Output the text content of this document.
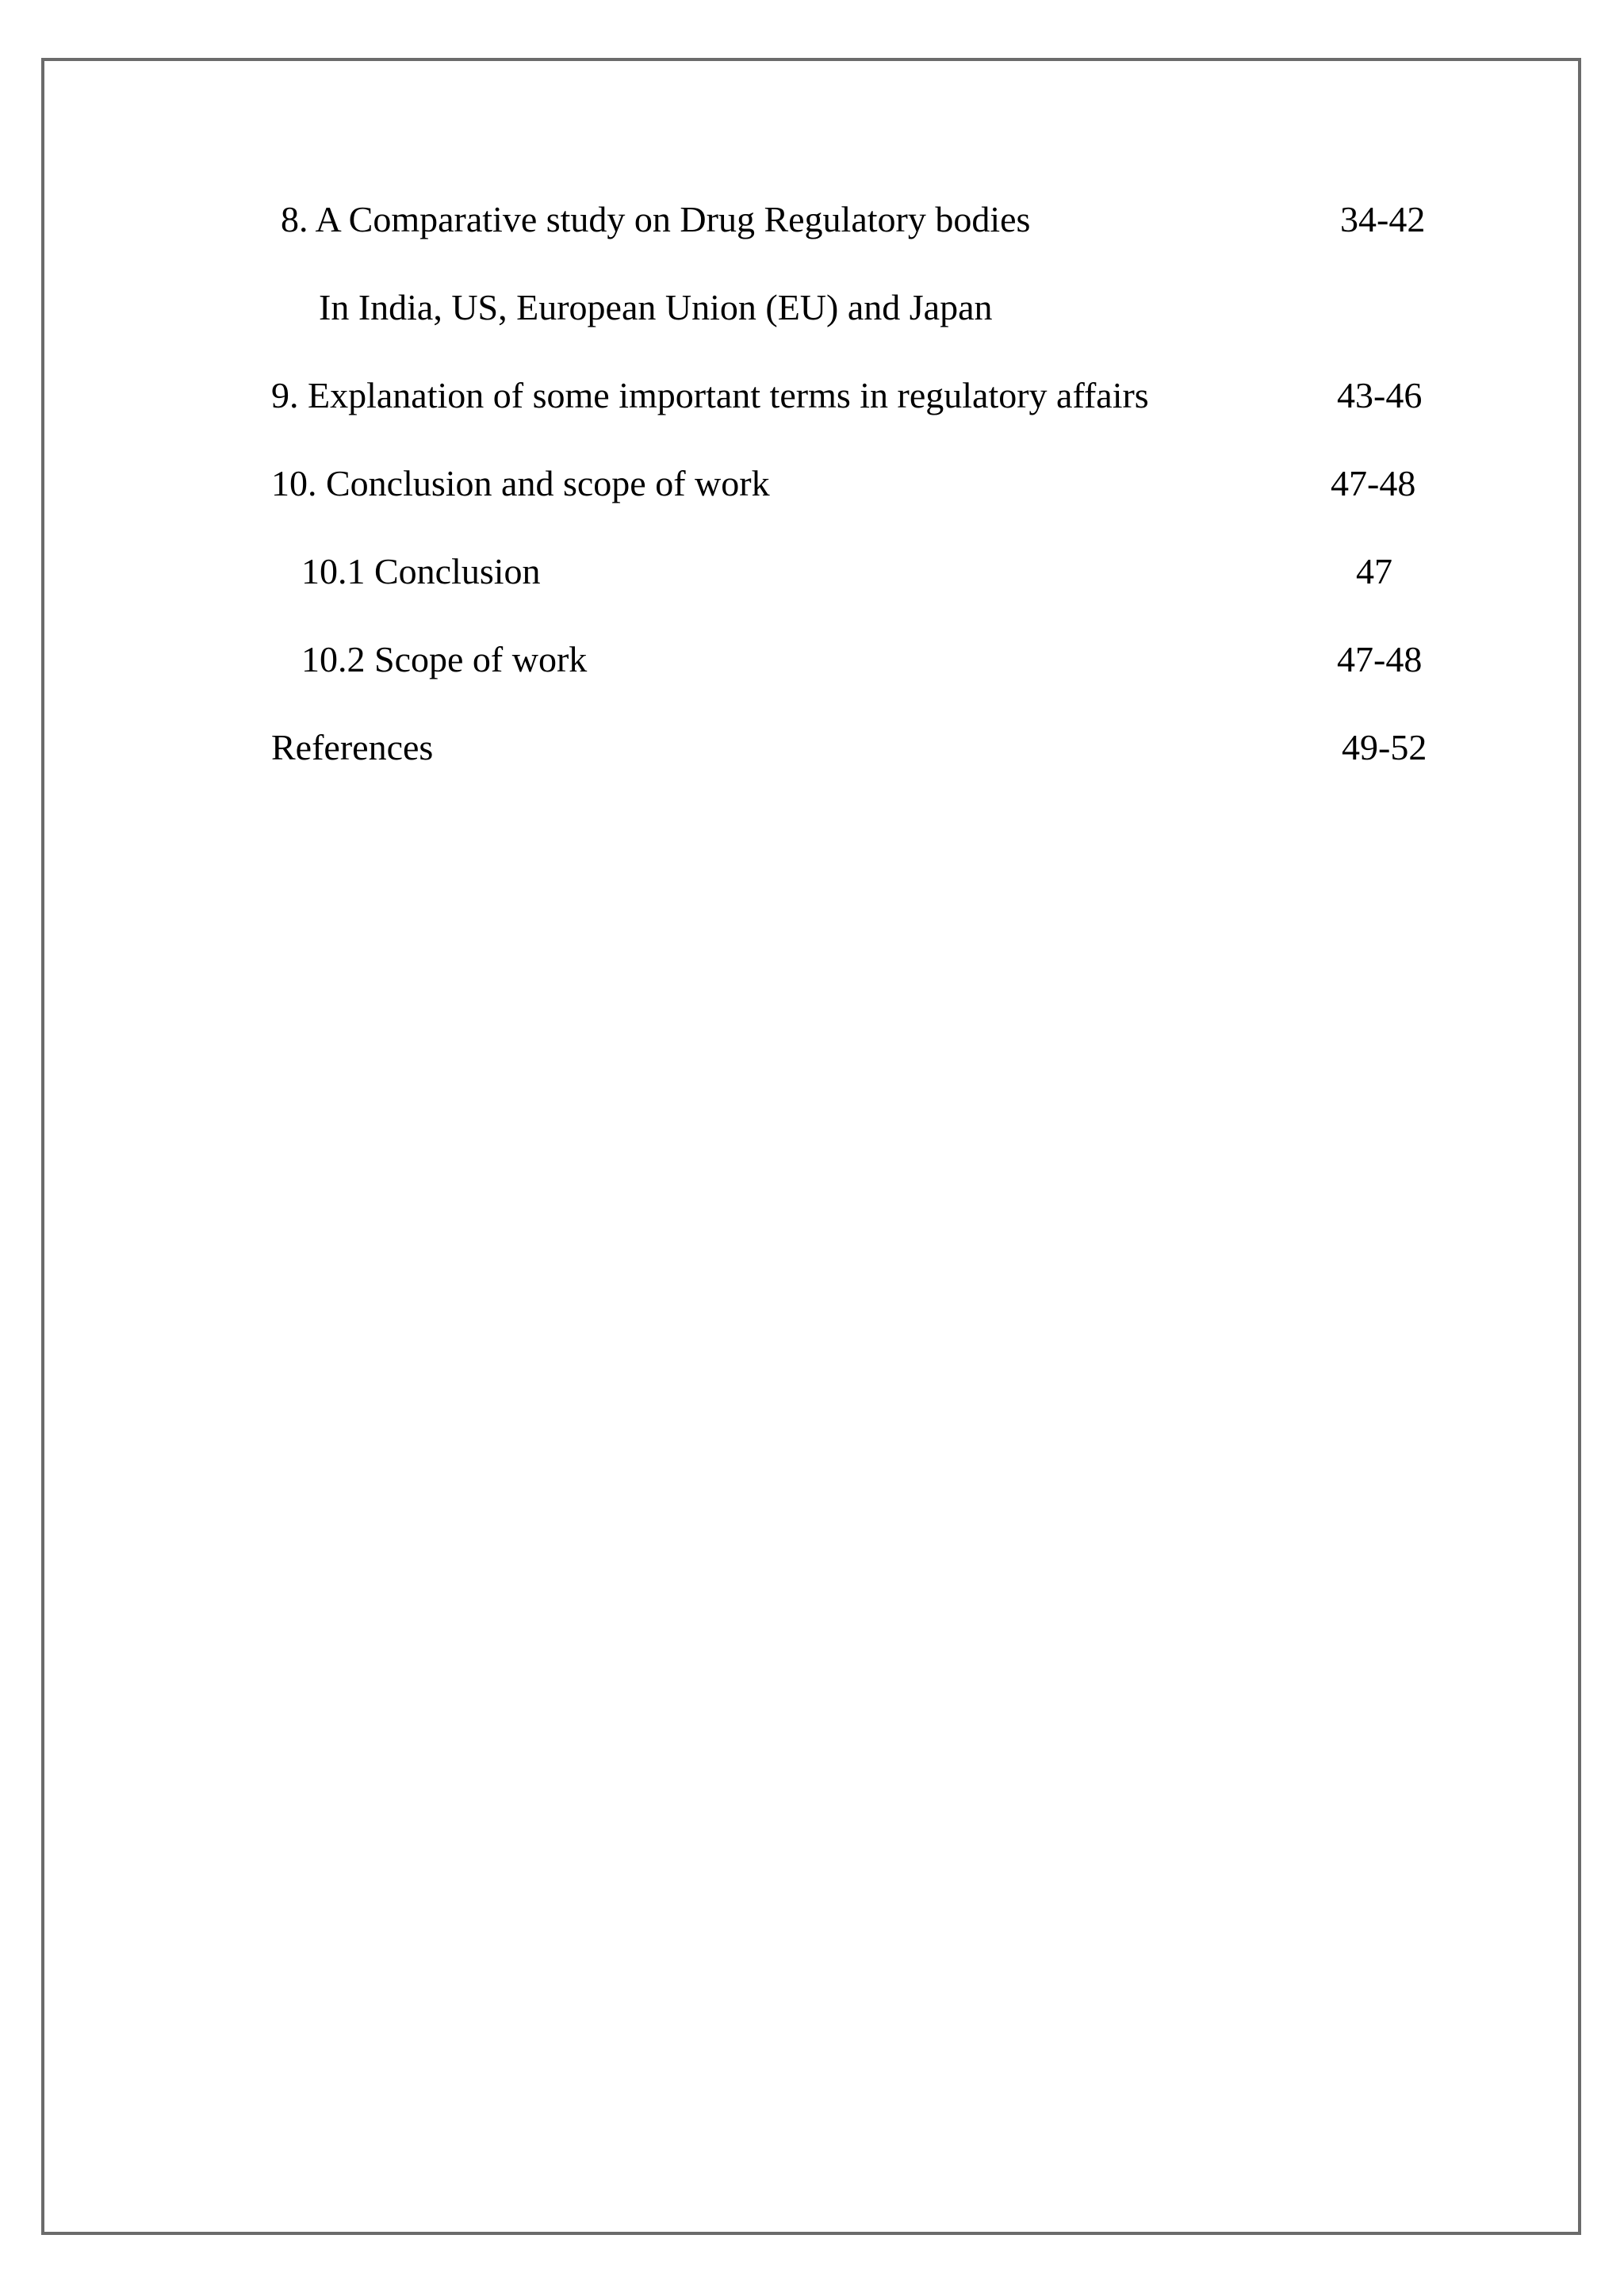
8. A Comparative study on Drug Regulatory bodies	34-42
In India, US, European Union (EU) and Japan
9. Explanation of some important terms in regulatory affairs	43-46
10. Conclusion and scope of work	47-48
10.1 Conclusion	47
10.2 Scope of work	47-48
References	49-52
